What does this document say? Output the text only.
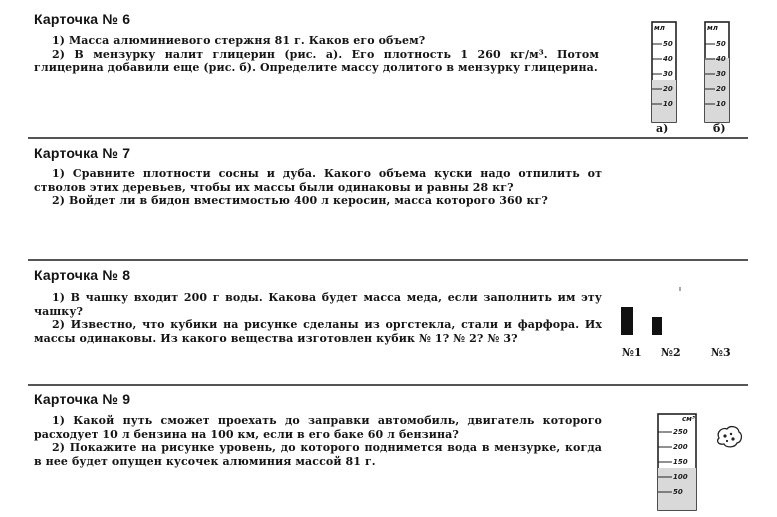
Карточка № 6

1) Масса алюминиевого стержня 81 г. Каков его объем?

2) В мензурку налит глицерин (рис. а). Его плотность 1 260 кг/м³. Потом глицерина добавили еще (рис. б). Определите массу долитого в мензурку глицерина.

мл
50
40
30
20
10
а)
мл
50
40
30
20
10
б)
Карточка № 7

1) Сравните плотности сосны и дуба. Какого объема куски надо отпилить от стволов этих деревьев, чтобы их массы были одинаковы и равны 28 кг?

2) Войдет ли в бидон вместимостью 400 л керосин, масса которого 360 кг?

Карточка № 8

1) В чашку входит 200 г воды. Какова будет масса меда, если заполнить им эту чашку?

2) Известно, что кубики на рисунке сделаны из оргстекла, стали и фарфора. Их массы одинаковы. Из какого вещества изготовлен кубик № 1? № 2? № 3?

№1 №2	№3
Карточка № 9

1) Какой путь сможет проехать до заправки автомобиль, двигатель которого расходует 10 л бензина на 100 км, если в его баке 60 л бензина?

2) Покажите на рисунке уровень, до которого поднимется вода в мензурке, когда в нее будет опущен кусочек алюминия массой 81 г.

см³
250
200
150
100
50
